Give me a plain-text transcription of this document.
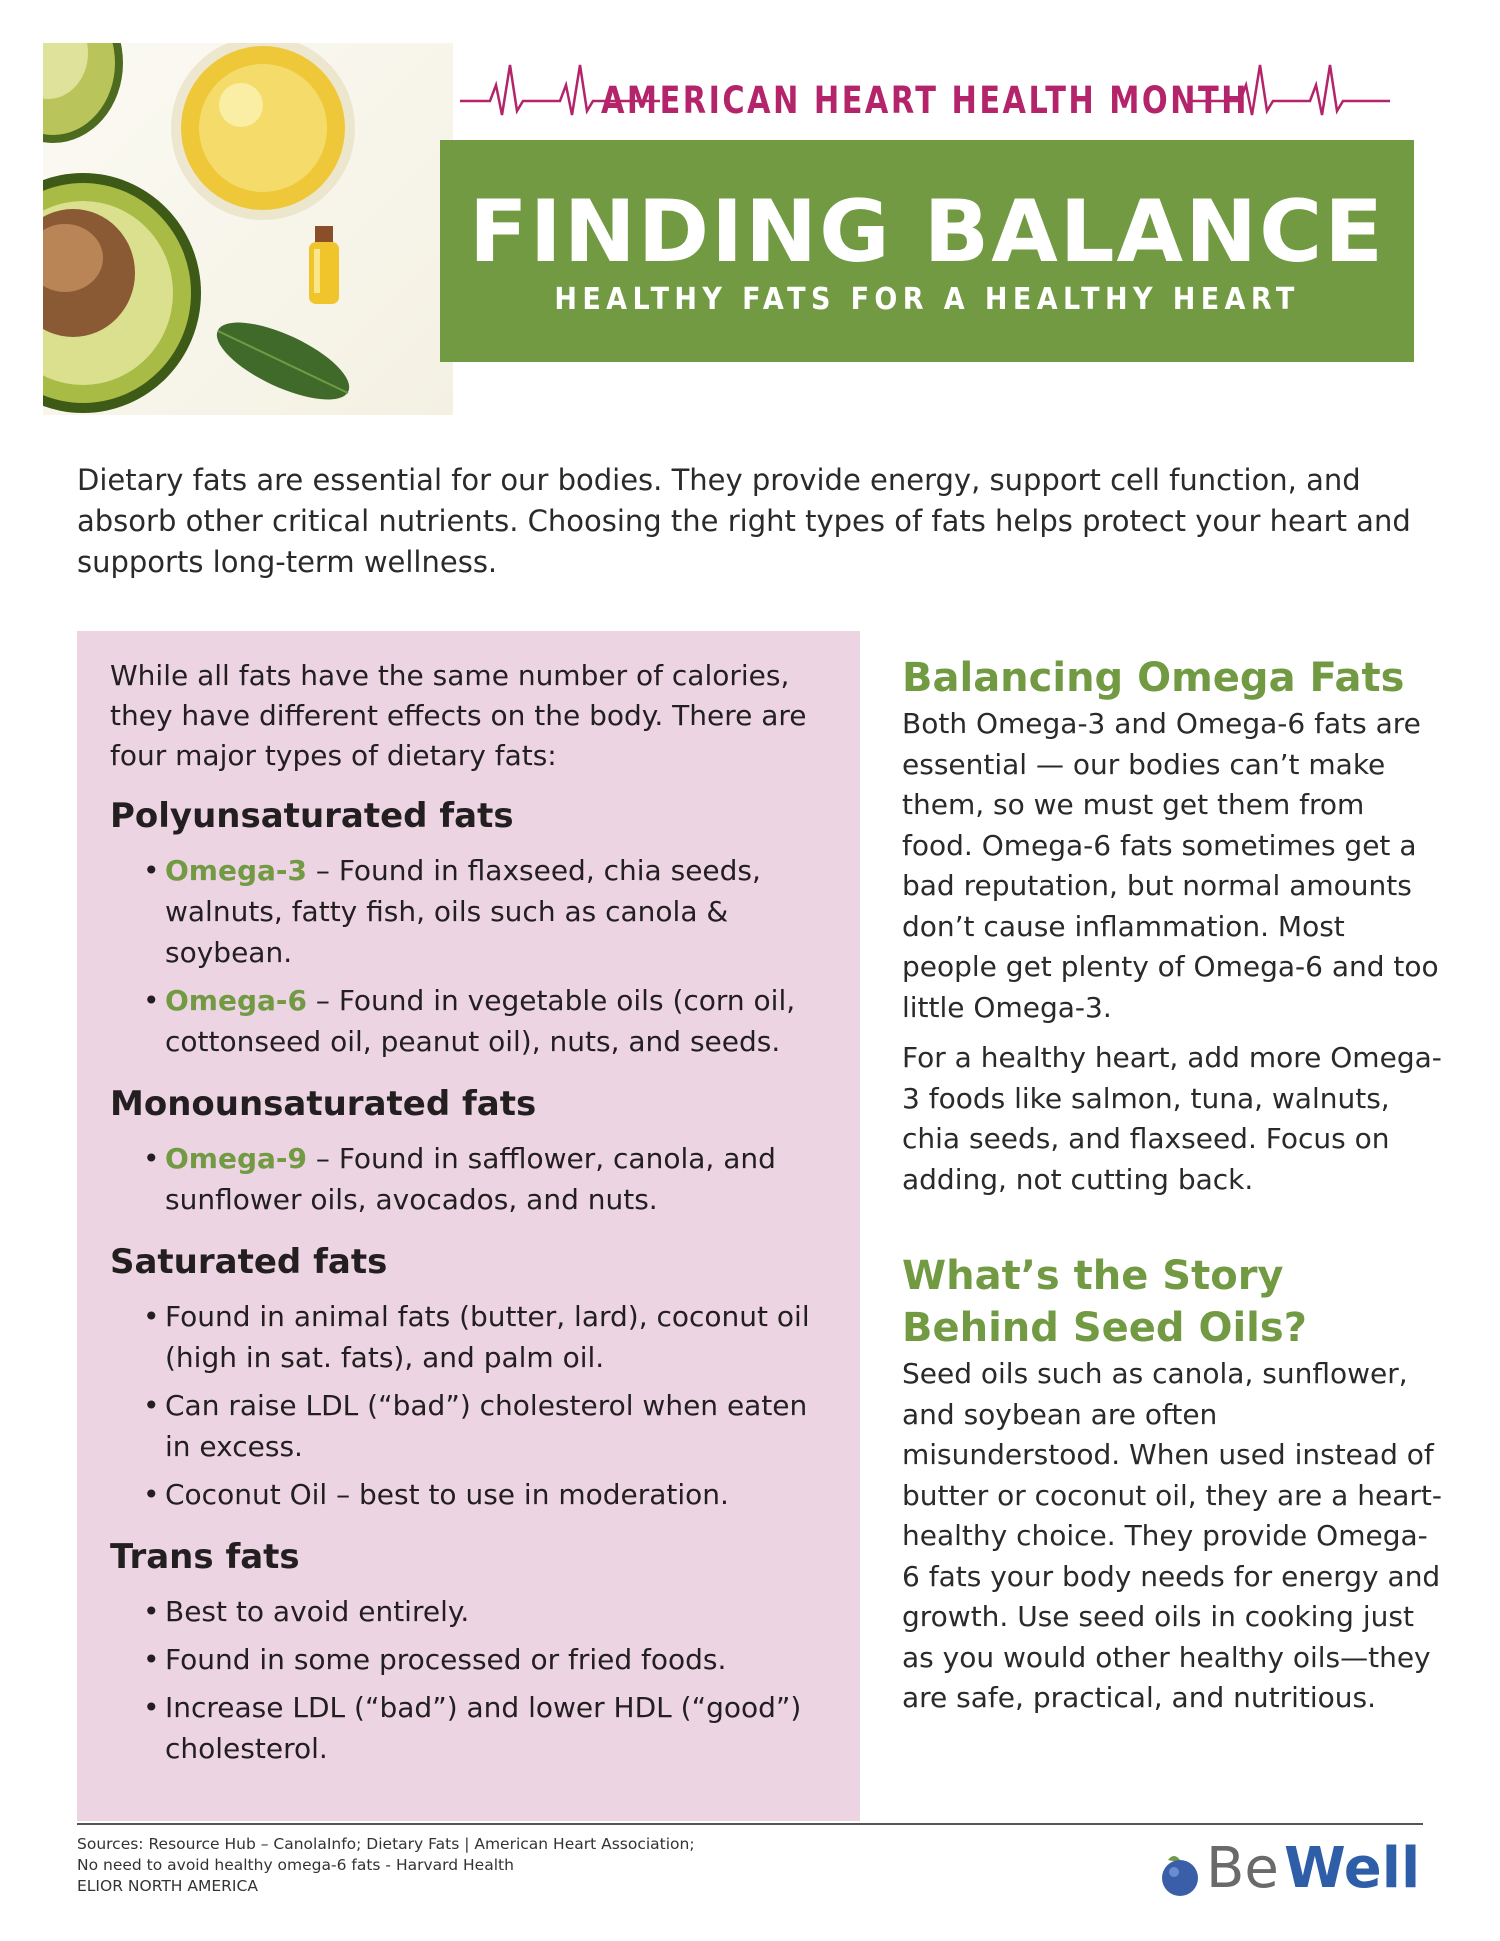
AMERICAN HEART HEALTH MONTH
FINDING BALANCE
HEALTHY FATS FOR A HEALTHY HEART
Dietary fats are essential for our bodies. They provide energy, support cell function, and absorb other critical nutrients. Choosing the right types of fats helps protect your heart and supports long-term wellness.

While all fats have the same number of calories, they have different effects on the body. There are four major types of dietary fats:

Polyunsaturated fats
• Omega-3 – Found in flaxseed, chia seeds, walnuts, fatty fish, oils such as canola & soybean.
• Omega-6 – Found in vegetable oils (corn oil, cottonseed oil, peanut oil), nuts, and seeds.
Monounsaturated fats
• Omega-9 – Found in safflower, canola, and sunflower oils, avocados, and nuts.
Saturated fats
• Found in animal fats (butter, lard), coconut oil (high in sat. fats), and palm oil.
• Can raise LDL (“bad”) cholesterol when eaten in excess.
• Coconut Oil – best to use in moderation.
Trans fats
• Best to avoid entirely.
• Found in some processed or fried foods.
• Increase LDL (“bad”) and lower HDL (“good”) cholesterol.
Balancing Omega Fats

Both Omega-3 and Omega-6 fats are essential — our bodies can’t make them, so we must get them from food. Omega-6 fats sometimes get a bad reputation, but normal amounts don’t cause inflammation. Most people get plenty of Omega-6 and too little Omega-3.

For a healthy heart, add more Omega-3 foods like salmon, tuna, walnuts, chia seeds, and flaxseed. Focus on adding, not cutting back.

What’s the Story Behind Seed Oils?

Seed oils such as canola, sunflower, and soybean are often misunderstood. When used instead of butter or coconut oil, they are a heart-healthy choice. They provide Omega-6 fats your body needs for energy and growth. Use seed oils in cooking just as you would other healthy oils—they are safe, practical, and nutritious.

Sources: Resource Hub – CanolaInfo; Dietary Fats | American Heart Association;
No need to avoid healthy omega-6 fats - Harvard Health
ELIOR NORTH AMERICA	Be Well
